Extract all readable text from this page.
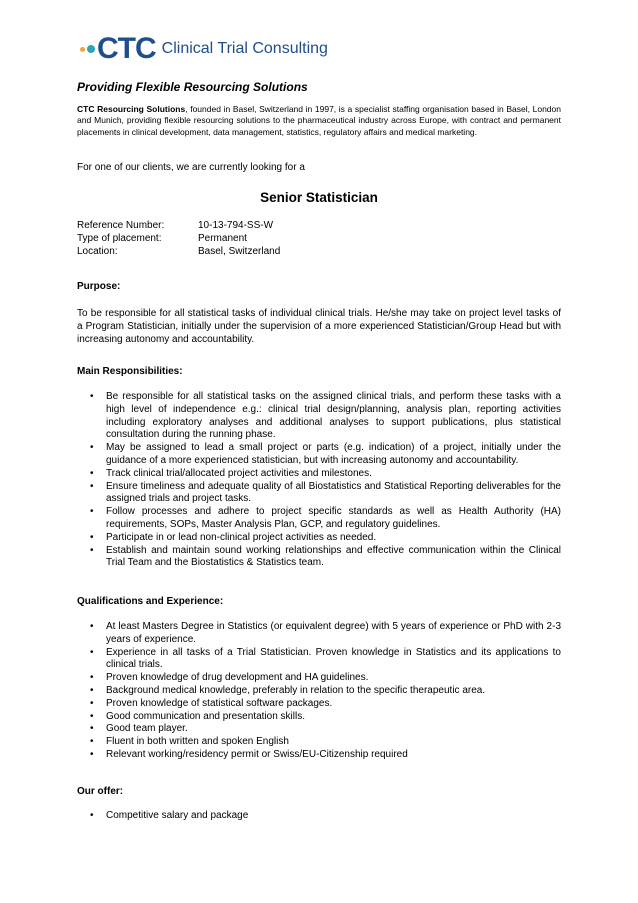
CTC Clinical Trial Consulting
Providing Flexible Resourcing Solutions
CTC Resourcing Solutions, founded in Basel, Switzerland in 1997, is a specialist staffing organisation based in Basel, London and Munich, providing flexible resourcing solutions to the pharmaceutical industry across Europe, with contract and permanent placements in clinical development, data management, statistics, regulatory affairs and medical marketing.
For one of our clients, we are currently looking for a
Senior Statistician
Reference Number:	10-13-794-SS-W
Type of placement:	Permanent
Location:	Basel, Switzerland
Purpose:
To be responsible for all statistical tasks of individual clinical trials. He/she may take on project level tasks of a Program Statistician, initially under the supervision of a more experienced Statistician/Group Head but with increasing autonomy and accountability.
Main Responsibilities:
• Be responsible for all statistical tasks on the assigned clinical trials, and perform these tasks with a high level of independence e.g.: clinical trial design/planning, analysis plan, reporting activities including exploratory analyses and additional analyses to support publications, plus statistical consultation during the running phase.
• May be assigned to lead a small project or parts (e.g. indication) of a project, initially under the guidance of a more experienced statistician, but with increasing autonomy and accountability.
• Track clinical trial/allocated project activities and milestones.
• Ensure timeliness and adequate quality of all Biostatistics and Statistical Reporting deliverables for the assigned trials and project tasks.
• Follow processes and adhere to project specific standards as well as Health Authority (HA) requirements, SOPs, Master Analysis Plan, GCP, and regulatory guidelines.
• Participate in or lead non-clinical project activities as needed.
• Establish and maintain sound working relationships and effective communication within the Clinical Trial Team and the Biostatistics & Statistics team.
Qualifications and Experience:
• At least Masters Degree in Statistics (or equivalent degree) with 5 years of experience or PhD with 2-3 years of experience.
• Experience in all tasks of a Trial Statistician. Proven knowledge in Statistics and its applications to clinical trials.
• Proven knowledge of drug development and HA guidelines.
• Background medical knowledge, preferably in relation to the specific therapeutic area.
• Proven knowledge of statistical software packages.
• Good communication and presentation skills.
• Good team player.
• Fluent in both written and spoken English
• Relevant working/residency permit or Swiss/EU-Citizenship required
Our offer:
• Competitive salary and package
